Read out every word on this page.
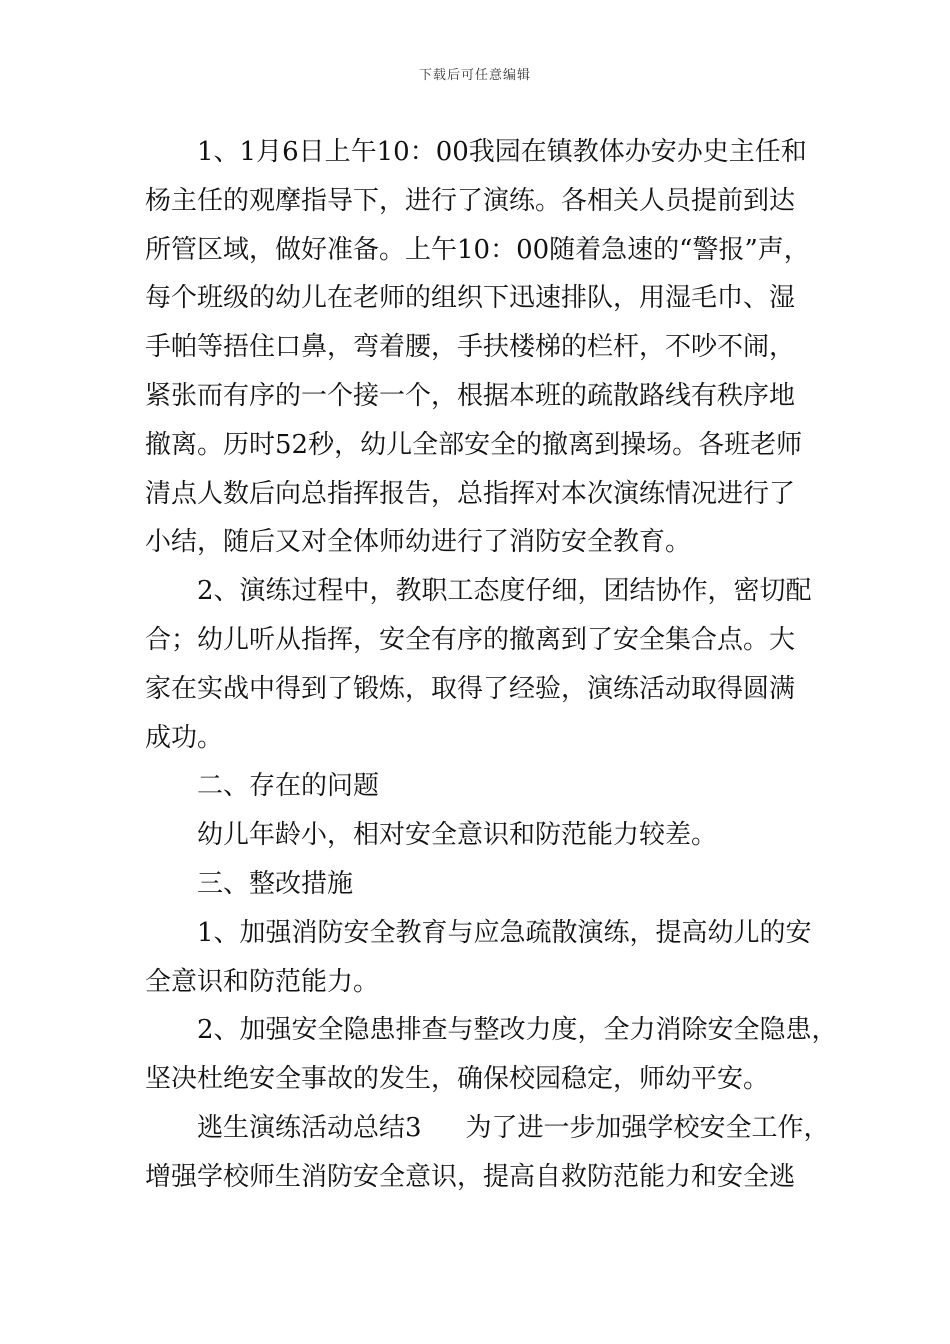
下载后可任意编辑
1、1月6日上午10：00我园在镇教体办安办史主任和
杨主任的观摩指导下，进行了演练。各相关人员提前到达
所管区域，做好准备。上午10：00随着急速的“警报”声，
每个班级的幼儿在老师的组织下迅速排队，用湿毛巾、湿
手帕等捂住口鼻，弯着腰，手扶楼梯的栏杆，不吵不闹，
紧张而有序的一个接一个，根据本班的疏散路线有秩序地
撤离。历时52秒，幼儿全部安全的撤离到操场。各班老师
清点人数后向总指挥报告，总指挥对本次演练情况进行了
小结，随后又对全体师幼进行了消防安全教育。
2、演练过程中，教职工态度仔细，团结协作，密切配
合；幼儿听从指挥，安全有序的撤离到了安全集合点。大
家在实战中得到了锻炼，取得了经验，演练活动取得圆满
成功。
二、存在的问题
幼儿年龄小，相对安全意识和防范能力较差。
三、整改措施
1、加强消防安全教育与应急疏散演练，提高幼儿的安
全意识和防范能力。
2、加强安全隐患排查与整改力度，全力消除安全隐患，
坚决杜绝安全事故的发生，确保校园稳定，师幼平安。
逃生演练活动总结3 为了进一步加强学校安全工作，
增强学校师生消防安全意识，提高自救防范能力和安全逃
